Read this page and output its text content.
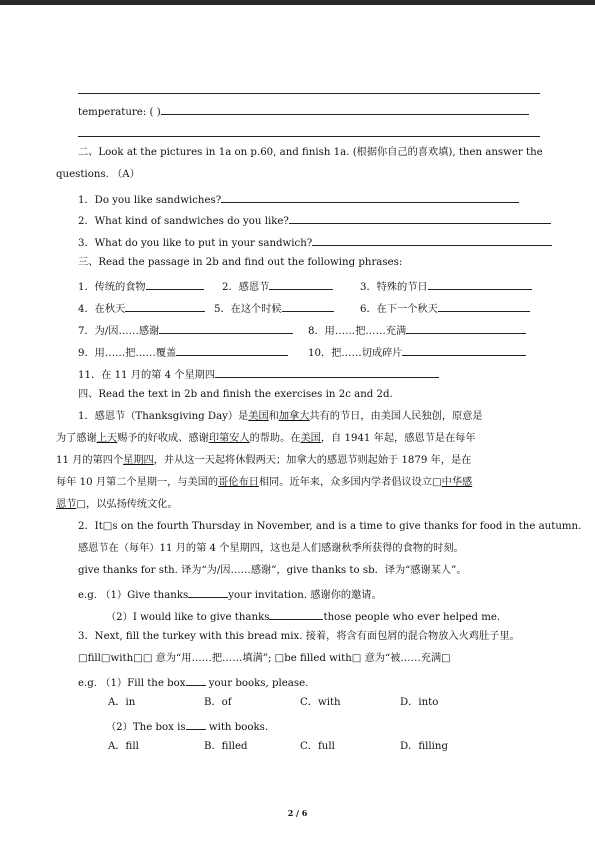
temperature: ( )
二、Look at the pictures in 1a on p.60, and finish 1a. (根据你自己的喜欢填), then answer the
questions. （A）
1．Do you like sandwiches?
2．What kind of sandwiches do you like?
3．What do you like to put in your sandwich?
三、Read the passage in 2b and find out the following phrases:
1．传统的食物	2．感恩节	3．特殊的节日
4．在秋天	5．在这个时候	6．在下一个秋天
7．为/因……感谢	8．用……把……充满
9．用……把……覆盖	10．把……切成碎片
11．在 11 月的第 4 个星期四
四、Read the text in 2b and finish the exercises in 2c and 2d.
1．感恩节（Thanksgiving Day）是美国和加拿大共有的节日，由美国人民独创，原意是
为了感谢上天赐予的好收成、感谢印第安人的帮助。在美国，自 1941 年起，感恩节是在每年
11 月的第四个星期四，并从这一天起将休假两天；加拿大的感恩节则起始于 1879 年，是在
每年 10 月第二个星期一，与美国的哥伦布日相同。近年来，众多国内学者倡议设立□中华感
恩节□，以弘扬传统文化。
2．It□s on the fourth Thursday in November, and is a time to give thanks for food in the autumn.
感恩节在（每年）11 月的第 4 个星期四，这也是人们感谢秋季所获得的食物的时刻。
give thanks for sth. 译为“为/因……感谢”，give thanks to sb．译为“感谢某人”。
e.g. （1）Give thanks	your invitation. 感谢你的邀请。
（2）I would like to give thanks	those people who ever helped me.
3．Next, fill the turkey with this bread mix. 接着，将含有面包屑的混合物放入火鸡肚子里。
□fill□with□□ 意为“用……把……填满”; □be filled with□ 意为“被……充满□
e.g. （1）Fill the box your books, please.
A．in	B．of	C．with	D．into
（2）The box is with books.
A．fill	B．filled	C．full	D．filling
2 / 6
